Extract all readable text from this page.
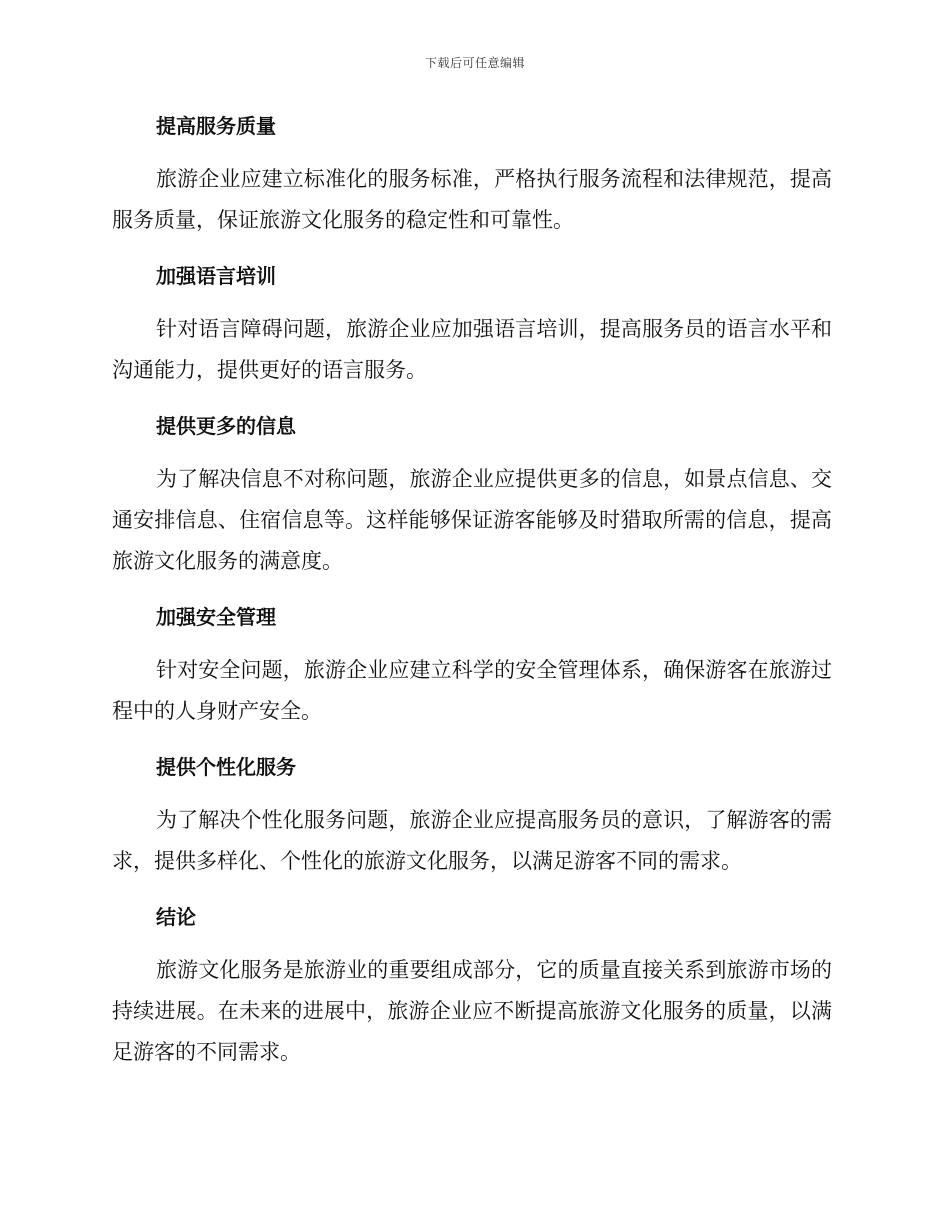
下载后可任意编辑
提高服务质量

旅游企业应建立标准化的服务标准，严格执行服务流程和法律规范，提高服务质量，保证旅游文化服务的稳定性和可靠性。

加强语言培训

针对语言障碍问题，旅游企业应加强语言培训，提高服务员的语言水平和沟通能力，提供更好的语言服务。

提供更多的信息

为了解决信息不对称问题，旅游企业应提供更多的信息，如景点信息、交通安排信息、住宿信息等。这样能够保证游客能够及时猎取所需的信息，提高旅游文化服务的满意度。

加强安全管理

针对安全问题，旅游企业应建立科学的安全管理体系，确保游客在旅游过程中的人身财产安全。

提供个性化服务

为了解决个性化服务问题，旅游企业应提高服务员的意识，了解游客的需求，提供多样化、个性化的旅游文化服务，以满足游客不同的需求。

结论

旅游文化服务是旅游业的重要组成部分，它的质量直接关系到旅游市场的持续进展。在未来的进展中，旅游企业应不断提高旅游文化服务的质量，以满足游客的不同需求。
